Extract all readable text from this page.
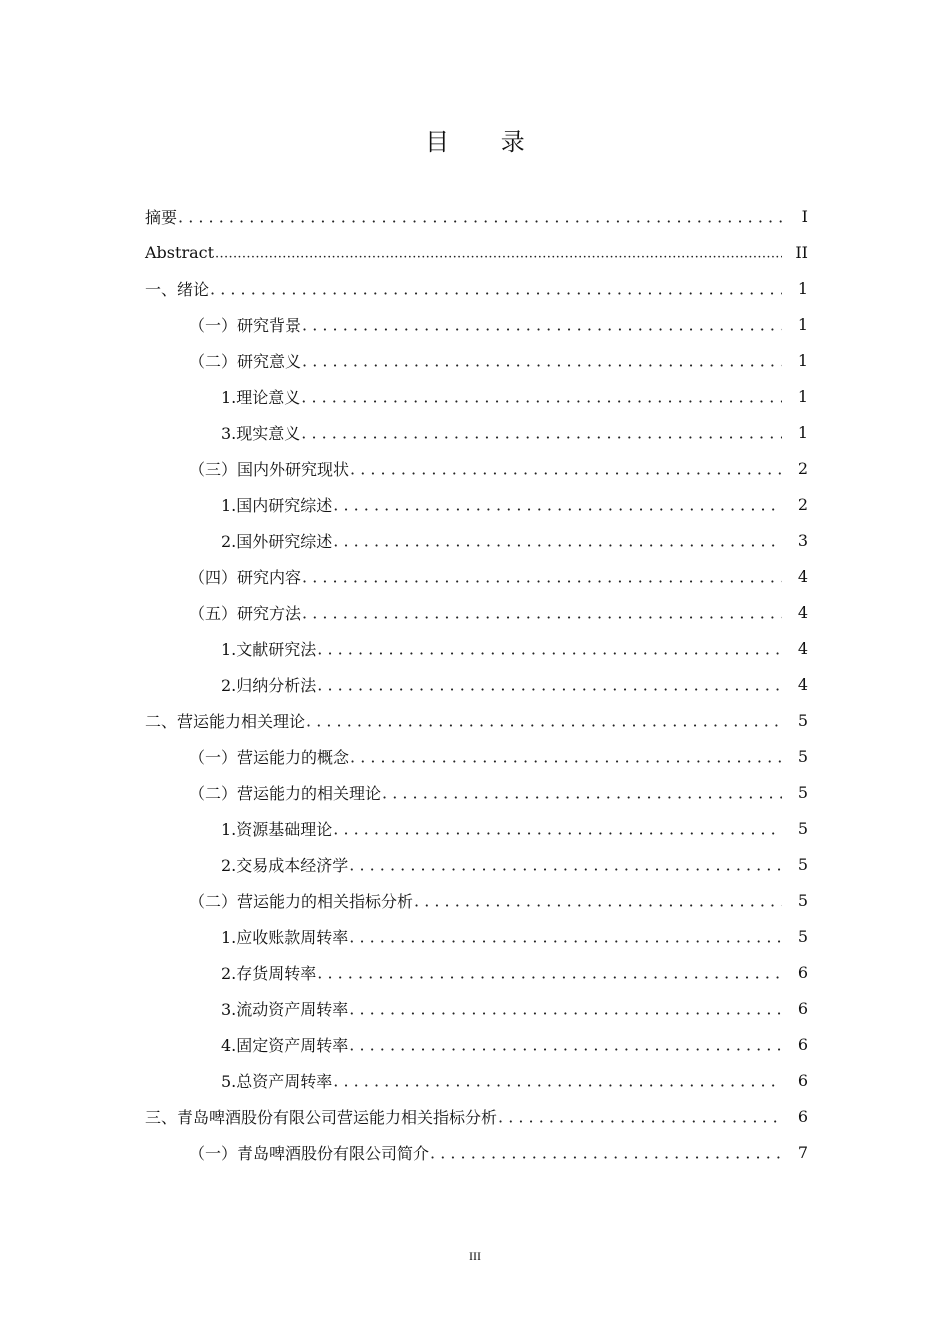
目 录
摘要 . . .	I
Abstract .....	II
一、绪论 . . .	1
（一）研究背景 . . .	1
（二）研究意义 . . .	1
1.理论意义 . . .	1
3.现实意义 . . .	1
（三）国内外研究现状 . . .	2
1.国内研究综述 . . .	2
2.国外研究综述 . . .	3
（四）研究内容 . . .	4
（五）研究方法 . . .	4
1.文献研究法 . . .	4
2.归纳分析法 . . .	4
二、营运能力相关理论 . . .	5
（一）营运能力的概念 . . .	5
（二）营运能力的相关理论 . . .	5
1.资源基础理论 . . .	5
2.交易成本经济学 . . .	5
（二）营运能力的相关指标分析 . . .	5
1.应收账款周转率 . . .	5
2.存货周转率 . . .	6
3.流动资产周转率 . . .	6
4.固定资产周转率 . . .	6
5.总资产周转率 . . .	6
三、青岛啤酒股份有限公司营运能力相关指标分析 . . .	6
（一）青岛啤酒股份有限公司简介 . . .	7
III
